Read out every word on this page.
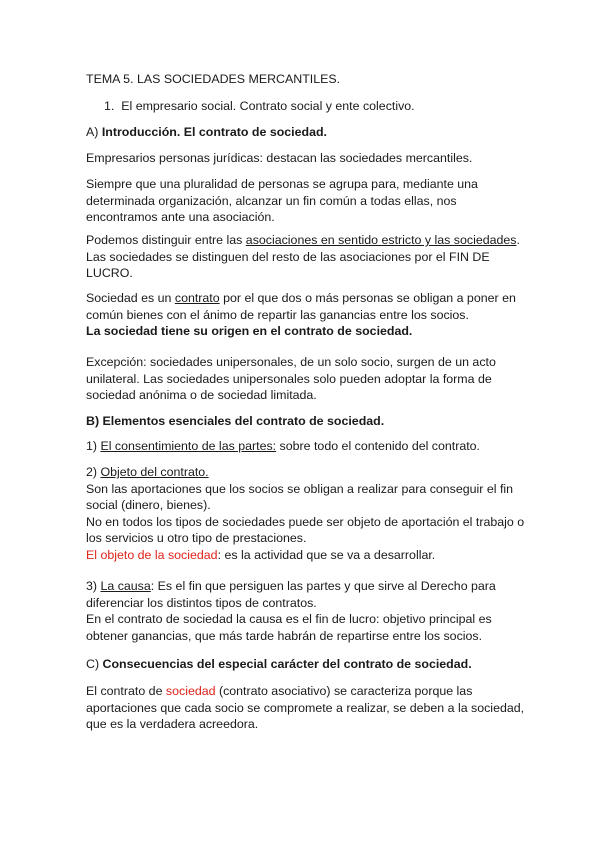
TEMA 5. LAS SOCIEDADES MERCANTILES.
1. El empresario social. Contrato social y ente colectivo.
A) Introducción. El contrato de sociedad.
Empresarios personas jurídicas: destacan las sociedades mercantiles.
Siempre que una pluralidad de personas se agrupa para, mediante una
determinada organización, alcanzar un fin común a todas ellas, nos
encontramos ante una asociación.
Podemos distinguir entre las asociaciones en sentido estricto y las sociedades.
Las sociedades se distinguen del resto de las asociaciones por el FIN DE
LUCRO.
Sociedad es un contrato por el que dos o más personas se obligan a poner en
común bienes con el ánimo de repartir las ganancias entre los socios.
La sociedad tiene su origen en el contrato de sociedad.
Excepción: sociedades unipersonales, de un solo socio, surgen de un acto
unilateral. Las sociedades unipersonales solo pueden adoptar la forma de
sociedad anónima o de sociedad limitada.
B) Elementos esenciales del contrato de sociedad.
1) El consentimiento de las partes: sobre todo el contenido del contrato.
2) Objeto del contrato.
Son las aportaciones que los socios se obligan a realizar para conseguir el fin
social (dinero, bienes).
No en todos los tipos de sociedades puede ser objeto de aportación el trabajo o
los servicios u otro tipo de prestaciones.
El objeto de la sociedad: es la actividad que se va a desarrollar.
3) La causa: Es el fin que persiguen las partes y que sirve al Derecho para
diferenciar los distintos tipos de contratos.
En el contrato de sociedad la causa es el fin de lucro: objetivo principal es
obtener ganancias, que más tarde habrán de repartirse entre los socios.
C) Consecuencias del especial carácter del contrato de sociedad.
El contrato de sociedad (contrato asociativo) se caracteriza porque las
aportaciones que cada socio se compromete a realizar, se deben a la sociedad,
que es la verdadera acreedora.
